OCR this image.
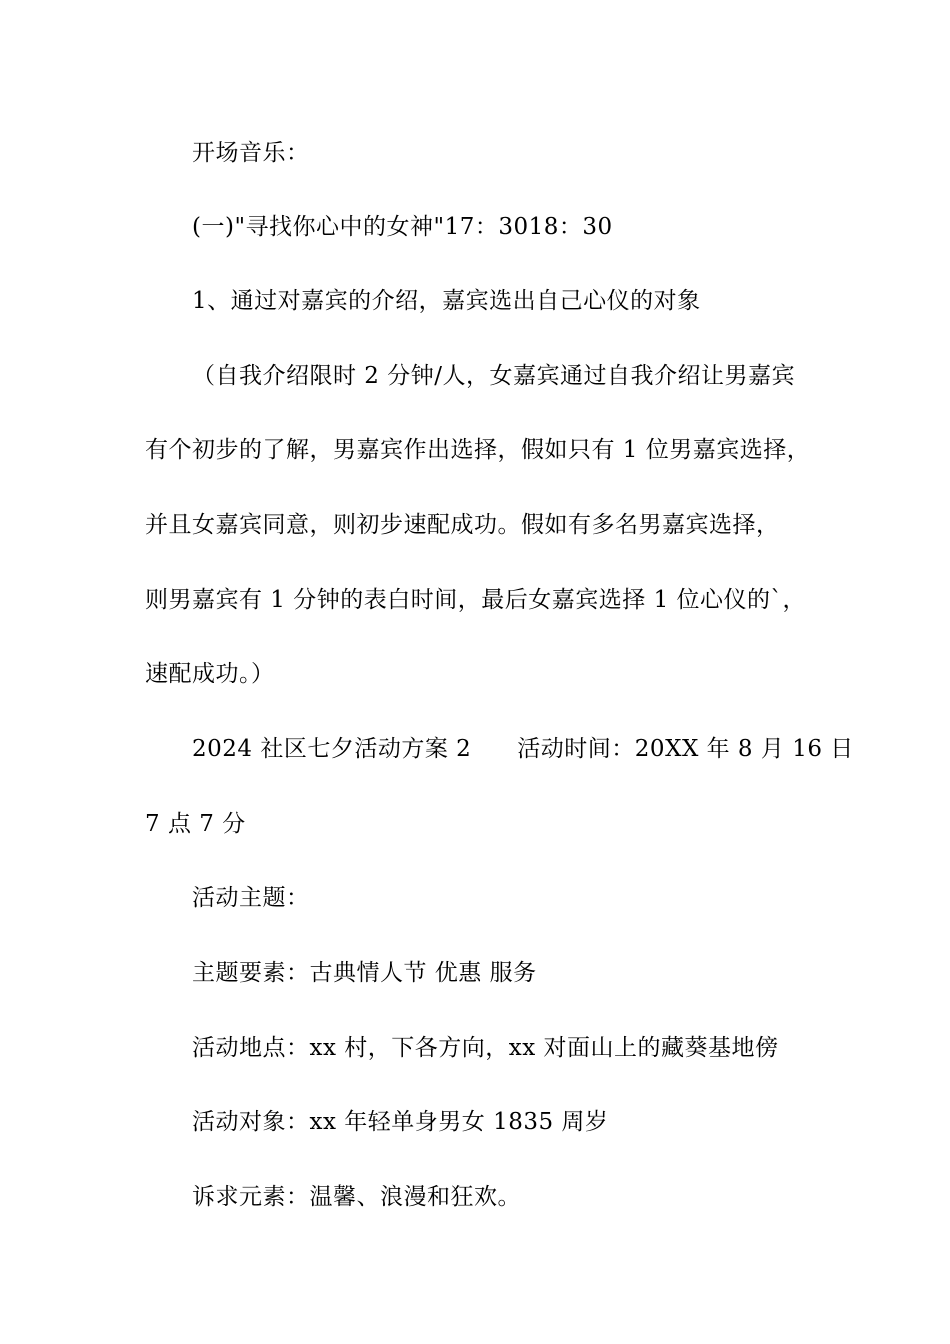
开场音乐：
(一)"寻找你心中的女神"17：3018：30
1、通过对嘉宾的介绍，嘉宾选出自己心仪的对象
（自我介绍限时 2 分钟/人，女嘉宾通过自我介绍让男嘉宾
有个初步的了解，男嘉宾作出选择，假如只有 1 位男嘉宾选择，
并且女嘉宾同意，则初步速配成功。假如有多名男嘉宾选择，
则男嘉宾有 1 分钟的表白时间，最后女嘉宾选择 1 位心仪的`，
速配成功。）
2024 社区七夕活动方案 2 活动时间：20XX 年 8 月 16 日
7 点 7 分
活动主题：
主题要素：古典情人节 优惠 服务
活动地点：xx 村，下各方向，xx 对面山上的藏葵基地傍
活动对象：xx 年轻单身男女 1835 周岁
诉求元素：温馨、浪漫和狂欢。
